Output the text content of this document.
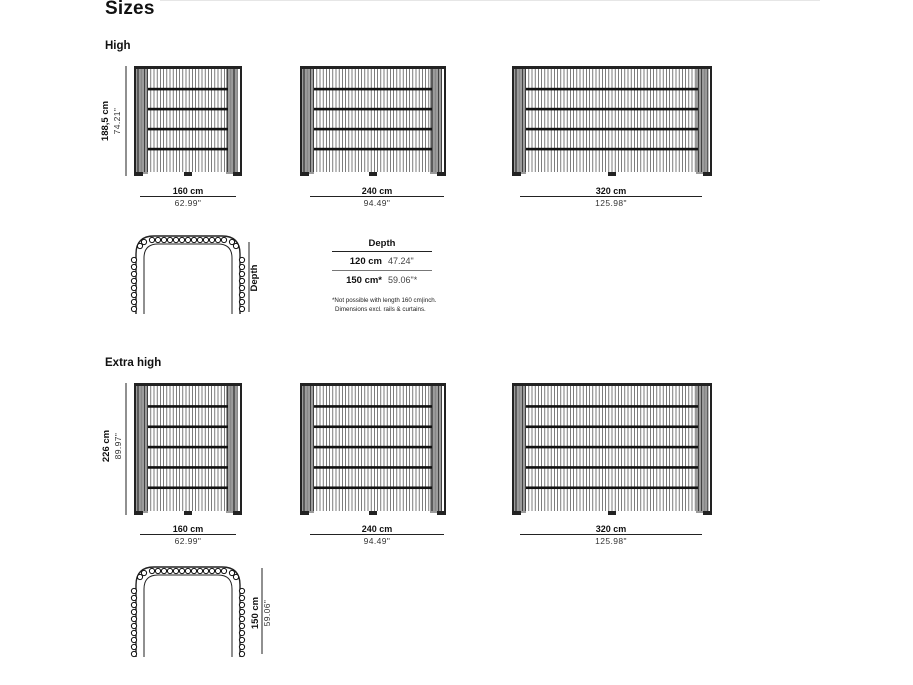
Sizes
High
188,5 cm 74.21"
160 cm
62.99"
240 cm
94.49"
320 cm
125.98"
Depth
Depth
120 cm 47.24"
150 cm* 59.06"*
*Not possible with length 160 cm|inch.
Dimensions excl. rails & curtains.
Extra high
226 cm 89.97"
160 cm
62.99"
240 cm
94.49"
320 cm
125.98"
150 cm 59.06"
